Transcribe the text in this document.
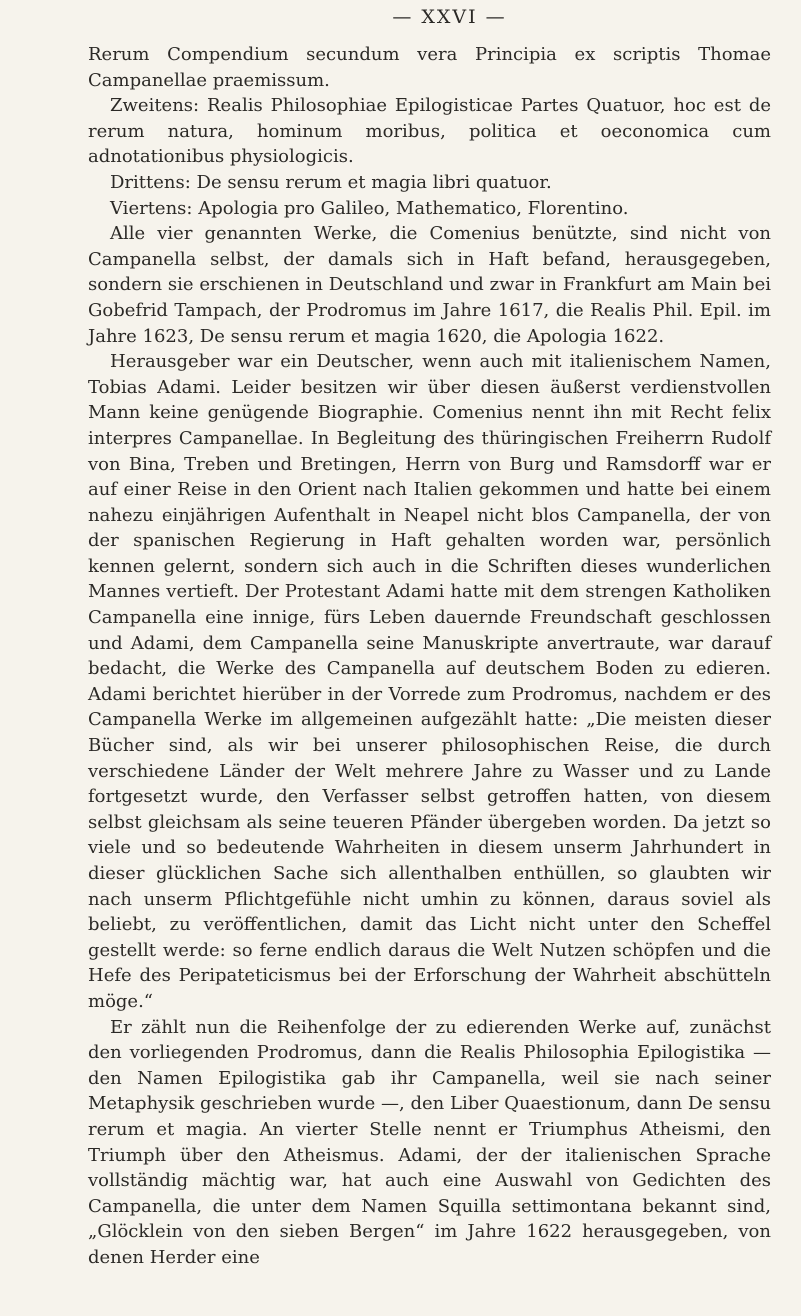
— XXVI —

Rerum Compendium secundum vera Principia ex scriptis Thomae Campanellae praemissum.

Zweitens: Realis Philosophiae Epilogisticae Partes Quatuor, hoc est de rerum natura, hominum moribus, politica et oeconomica cum adnotationibus physiologicis.

Drittens: De sensu rerum et magia libri quatuor.

Viertens: Apologia pro Galileo, Mathematico, Florentino.

Alle vier genannten Werke, die Comenius benützte, sind nicht von Campanella selbst, der damals sich in Haft befand, herausgegeben, sondern sie erschienen in Deutschland und zwar in Frankfurt am Main bei Gobefrid Tampach, der Prodromus im Jahre 1617, die Realis Phil. Epil. im Jahre 1623, De sensu rerum et magia 1620, die Apologia 1622.

Herausgeber war ein Deutscher, wenn auch mit italienischem Namen, Tobias Adami. Leider besitzen wir über diesen äußerst verdienstvollen Mann keine genügende Biographie. Comenius nennt ihn mit Recht felix interpres Campanellae. In Begleitung des thüringischen Freiherrn Rudolf von Bina, Treben und Bretingen, Herrn von Burg und Ramsdorff war er auf einer Reise in den Orient nach Italien gekommen und hatte bei einem nahezu einjährigen Aufenthalt in Neapel nicht blos Campanella, der von der spanischen Regierung in Haft gehalten worden war, persönlich kennen gelernt, sondern sich auch in die Schriften dieses wunderlichen Mannes vertieft. Der Protestant Adami hatte mit dem strengen Katholiken Campanella eine innige, fürs Leben dauernde Freundschaft geschlossen und Adami, dem Campanella seine Manuskripte anvertraute, war darauf bedacht, die Werke des Campanella auf deutschem Boden zu edieren. Adami berichtet hierüber in der Vorrede zum Prodromus, nachdem er des Campanella Werke im allgemeinen aufgezählt hatte: „Die meisten dieser Bücher sind, als wir bei unserer philosophischen Reise, die durch verschiedene Länder der Welt mehrere Jahre zu Wasser und zu Lande fortgesetzt wurde, den Verfasser selbst getroffen hatten, von diesem selbst gleichsam als seine teueren Pfänder übergeben worden. Da jetzt so viele und so bedeutende Wahrheiten in diesem unserm Jahrhundert in dieser glücklichen Sache sich allenthalben enthüllen, so glaubten wir nach unserm Pflichtgefühle nicht umhin zu können, daraus soviel als beliebt, zu veröffentlichen, damit das Licht nicht unter den Scheffel gestellt werde: so ferne endlich daraus die Welt Nutzen schöpfen und die Hefe des Peripateticismus bei der Erforschung der Wahrheit abschütteln möge.“

Er zählt nun die Reihenfolge der zu edierenden Werke auf, zunächst den vorliegenden Prodromus, dann die Realis Philosophia Epilogistika — den Namen Epilogistika gab ihr Campanella, weil sie nach seiner Metaphysik geschrieben wurde —, den Liber Quaestionum, dann De sensu rerum et magia. An vierter Stelle nennt er Triumphus Atheismi, den Triumph über den Atheismus. Adami, der der italienischen Sprache vollständig mächtig war, hat auch eine Auswahl von Gedichten des Campanella, die unter dem Namen Squilla settimontana bekannt sind, „Glöcklein von den sieben Bergen“ im Jahre 1622 herausgegeben, von denen Herder eine
